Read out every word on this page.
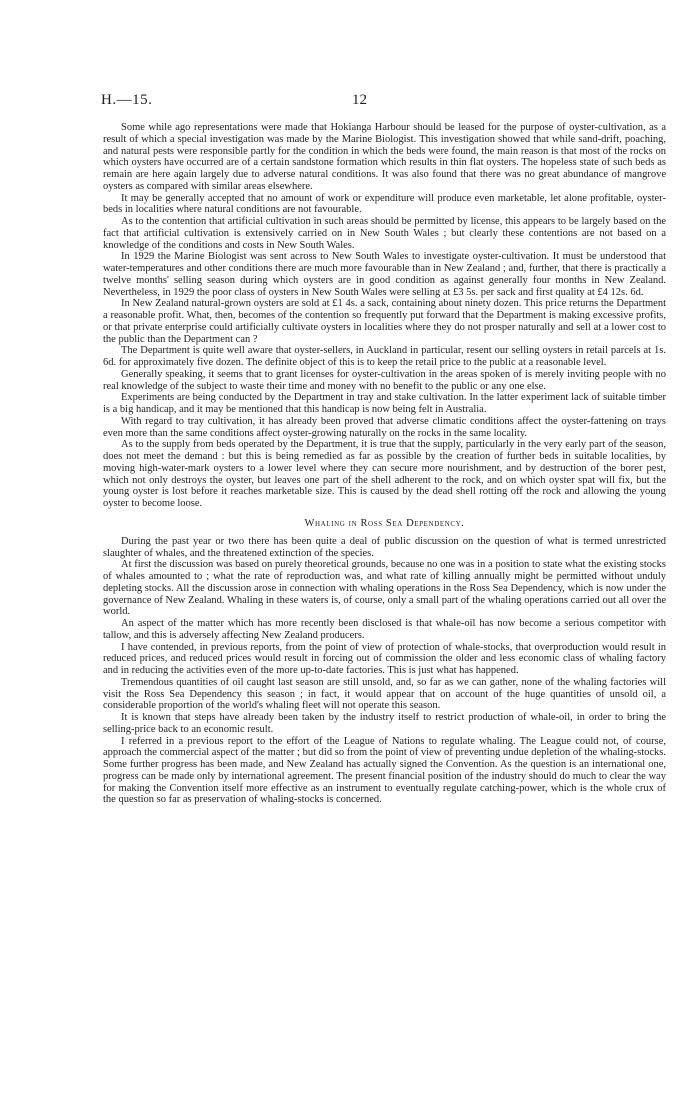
H.—15.	12

Some while ago representations were made that Hokianga Harbour should be leased for the purpose of oyster-cultivation, as a result of which a special investigation was made by the Marine Biologist. This investigation showed that while sand-drift, poaching, and natural pests were responsible partly for the condition in which the beds were found, the main reason is that most of the rocks on which oysters have occurred are of a certain sandstone formation which results in thin flat oysters. The hopeless state of such beds as remain are here again largely due to adverse natural conditions. It was also found that there was no great abundance of mangrove oysters as compared with similar areas elsewhere.

It may be generally accepted that no amount of work or expenditure will produce even marketable, let alone profitable, oyster-beds in localities where natural conditions are not favourable.

As to the contention that artificial cultivation in such areas should be permitted by license, this appears to be largely based on the fact that artificial cultivation is extensively carried on in New South Wales ; but clearly these contentions are not based on a knowledge of the conditions and costs in New South Wales.

In 1929 the Marine Biologist was sent across to New South Wales to investigate oyster-cultivation. It must be understood that water-temperatures and other conditions there are much more favourable than in New Zealand ; and, further, that there is practically a twelve months' selling season during which oysters are in good condition as against generally four months in New Zealand. Nevertheless, in 1929 the poor class of oysters in New South Wales were selling at £3 5s. per sack and first quality at £4 12s. 6d.

In New Zealand natural-grown oysters are sold at £1 4s. a sack, containing about ninety dozen. This price returns the Department a reasonable profit. What, then, becomes of the contention so frequently put forward that the Department is making excessive profits, or that private enterprise could artificially cultivate oysters in localities where they do not prosper naturally and sell at a lower cost to the public than the Department can ?

The Department is quite well aware that oyster-sellers, in Auckland in particular, resent our selling oysters in retail parcels at 1s. 6d. for approximately five dozen. The definite object of this is to keep the retail price to the public at a reasonable level.

Generally speaking, it seems that to grant licenses for oyster-cultivation in the areas spoken of is merely inviting people with no real knowledge of the subject to waste their time and money with no benefit to the public or any one else.

Experiments are being conducted by the Department in tray and stake cultivation. In the latter experiment lack of suitable timber is a big handicap, and it may be mentioned that this handicap is now being felt in Australia.

With regard to tray cultivation, it has already been proved that adverse climatic conditions affect the oyster-fattening on trays even more than the same conditions affect oyster-growing naturally on the rocks in the same locality.

As to the supply from beds operated by the Department, it is true that the supply, particularly in the very early part of the season, does not meet the demand : but this is being remedied as far as possible by the creation of further beds in suitable localities, by moving high-water-mark oysters to a lower level where they can secure more nourishment, and by destruction of the borer pest, which not only destroys the oyster, but leaves one part of the shell adherent to the rock, and on which oyster spat will fix, but the young oyster is lost before it reaches marketable size. This is caused by the dead shell rotting off the rock and allowing the young oyster to become loose.

Whaling in Ross Sea Dependency.

During the past year or two there has been quite a deal of public discussion on the question of what is termed unrestricted slaughter of whales, and the threatened extinction of the species.

At first the discussion was based on purely theoretical grounds, because no one was in a position to state what the existing stocks of whales amounted to ; what the rate of reproduction was, and what rate of killing annually might be permitted without unduly depleting stocks. All the discussion arose in connection with whaling operations in the Ross Sea Dependency, which is now under the governance of New Zealand. Whaling in these waters is, of course, only a small part of the whaling operations carried out all over the world.

An aspect of the matter which has more recently been disclosed is that whale-oil has now become a serious competitor with tallow, and this is adversely affecting New Zealand producers.

I have contended, in previous reports, from the point of view of protection of whale-stocks, that overproduction would result in reduced prices, and reduced prices would result in forcing out of commission the older and less economic class of whaling factory and in reducing the activities even of the more up-to-date factories. This is just what has happened.

Tremendous quantities of oil caught last season are still unsold, and, so far as we can gather, none of the whaling factories will visit the Ross Sea Dependency this season ; in fact, it would appear that on account of the huge quantities of unsold oil, a considerable proportion of the world's whaling fleet will not operate this season.

It is known that steps have already been taken by the industry itself to restrict production of whale-oil, in order to bring the selling-price back to an economic result.

I referred in a previous report to the effort of the League of Nations to regulate whaling. The League could not, of course, approach the commercial aspect of the matter ; but did so from the point of view of preventing undue depletion of the whaling-stocks. Some further progress has been made, and New Zealand has actually signed the Convention. As the question is an international one, progress can be made only by international agreement. The present financial position of the industry should do much to clear the way for making the Convention itself more effective as an instrument to eventually regulate catching-power, which is the whole crux of the question so far as preservation of whaling-stocks is concerned.
